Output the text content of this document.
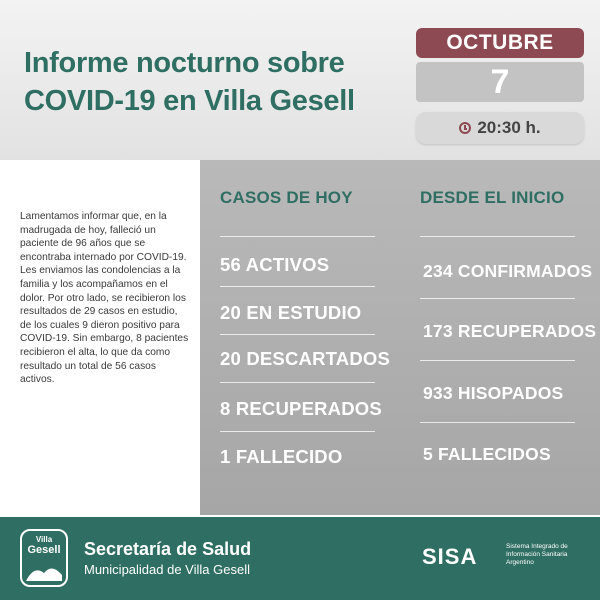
Informe nocturno sobre COVID-19 en Villa Gesell
OCTUBRE
7
20:30 h.
Lamentamos informar que, en la madrugada de hoy, falleció un paciente de 96 años que se encontraba internado por COVID-19. Les enviamos las condolencias a la familia y los acompañamos en el dolor. Por otro lado, se recibieron los resultados de 29 casos en estudio, de los cuales 9 dieron positivo para COVID-19. Sin embargo, 8 pacientes recibieron el alta, lo que da como resultado un total de 56 casos activos.
CASOS DE HOY
56 ACTIVOS
20 EN ESTUDIO
20 DESCARTADOS
8 RECUPERADOS
1 FALLECIDO
DESDE EL INICIO
234 CONFIRMADOS
173 RECUPERADOS
933 HISOPADOS
5 FALLECIDOS
Villa
Gesell	Secretaría de Salud
Municipalidad de Villa Gesell
SISA	Sistema Integrado de Información Sanitaria Argentino
